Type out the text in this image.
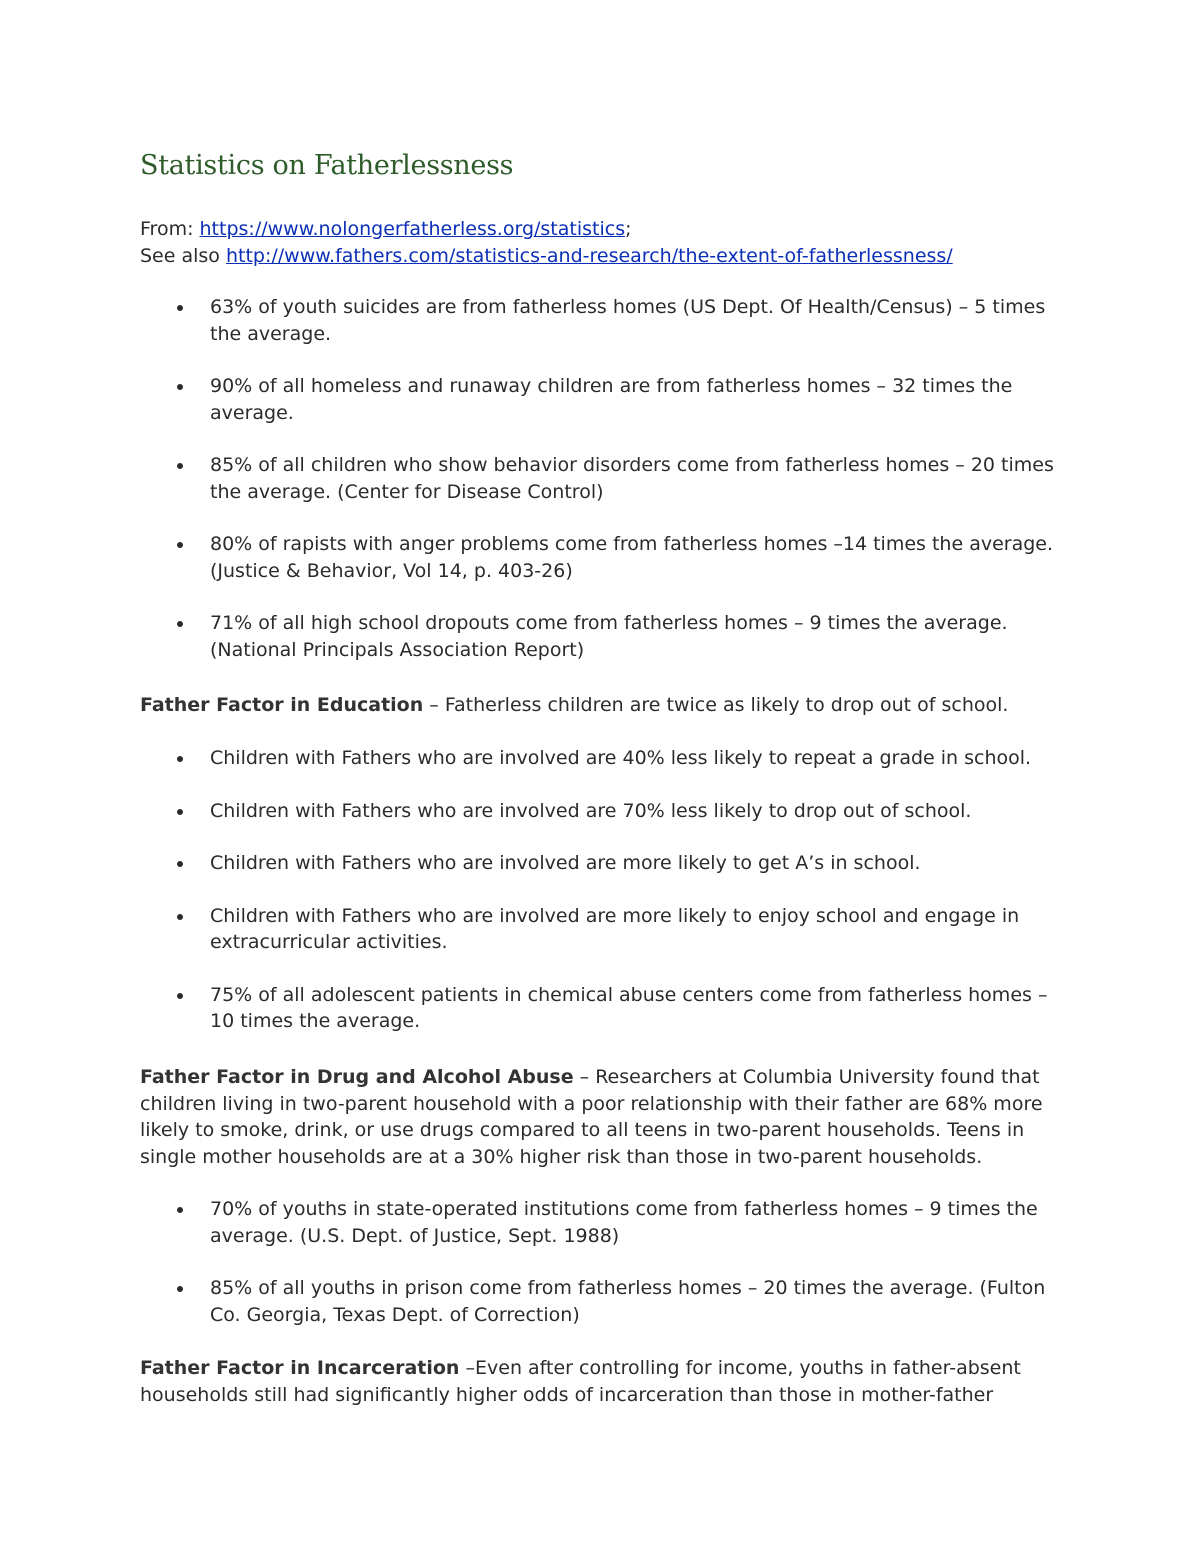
Statistics on Fatherlessness
From: https://www.nolongerfatherless.org/statistics;
See also http://www.fathers.com/statistics-and-research/the-extent-of-fatherlessness/
63% of youth suicides are from fatherless homes (US Dept. Of Health/Census) – 5 times the average.
90% of all homeless and runaway children are from fatherless homes – 32 times the average.
85% of all children who show behavior disorders come from fatherless homes – 20 times the average. (Center for Disease Control)
80% of rapists with anger problems come from fatherless homes –14 times the average. (Justice & Behavior, Vol 14, p. 403-26)
71% of all high school dropouts come from fatherless homes – 9 times the average. (National Principals Association Report)

Father Factor in Education – Fatherless children are twice as likely to drop out of school.

Children with Fathers who are involved are 40% less likely to repeat a grade in school.
Children with Fathers who are involved are 70% less likely to drop out of school.
Children with Fathers who are involved are more likely to get A’s in school.
Children with Fathers who are involved are more likely to enjoy school and engage in extracurricular activities.
75% of all adolescent patients in chemical abuse centers come from fatherless homes – 10 times the average.

Father Factor in Drug and Alcohol Abuse – Researchers at Columbia University found that children living in two-parent household with a poor relationship with their father are 68% more likely to smoke, drink, or use drugs compared to all teens in two-parent households. Teens in single mother households are at a 30% higher risk than those in two-parent households.

70% of youths in state-operated institutions come from fatherless homes – 9 times the average. (U.S. Dept. of Justice, Sept. 1988)
85% of all youths in prison come from fatherless homes – 20 times the average. (Fulton Co. Georgia, Texas Dept. of Correction)

Father Factor in Incarceration –Even after controlling for income, youths in father-absent households still had significantly higher odds of incarceration than those in mother-father
